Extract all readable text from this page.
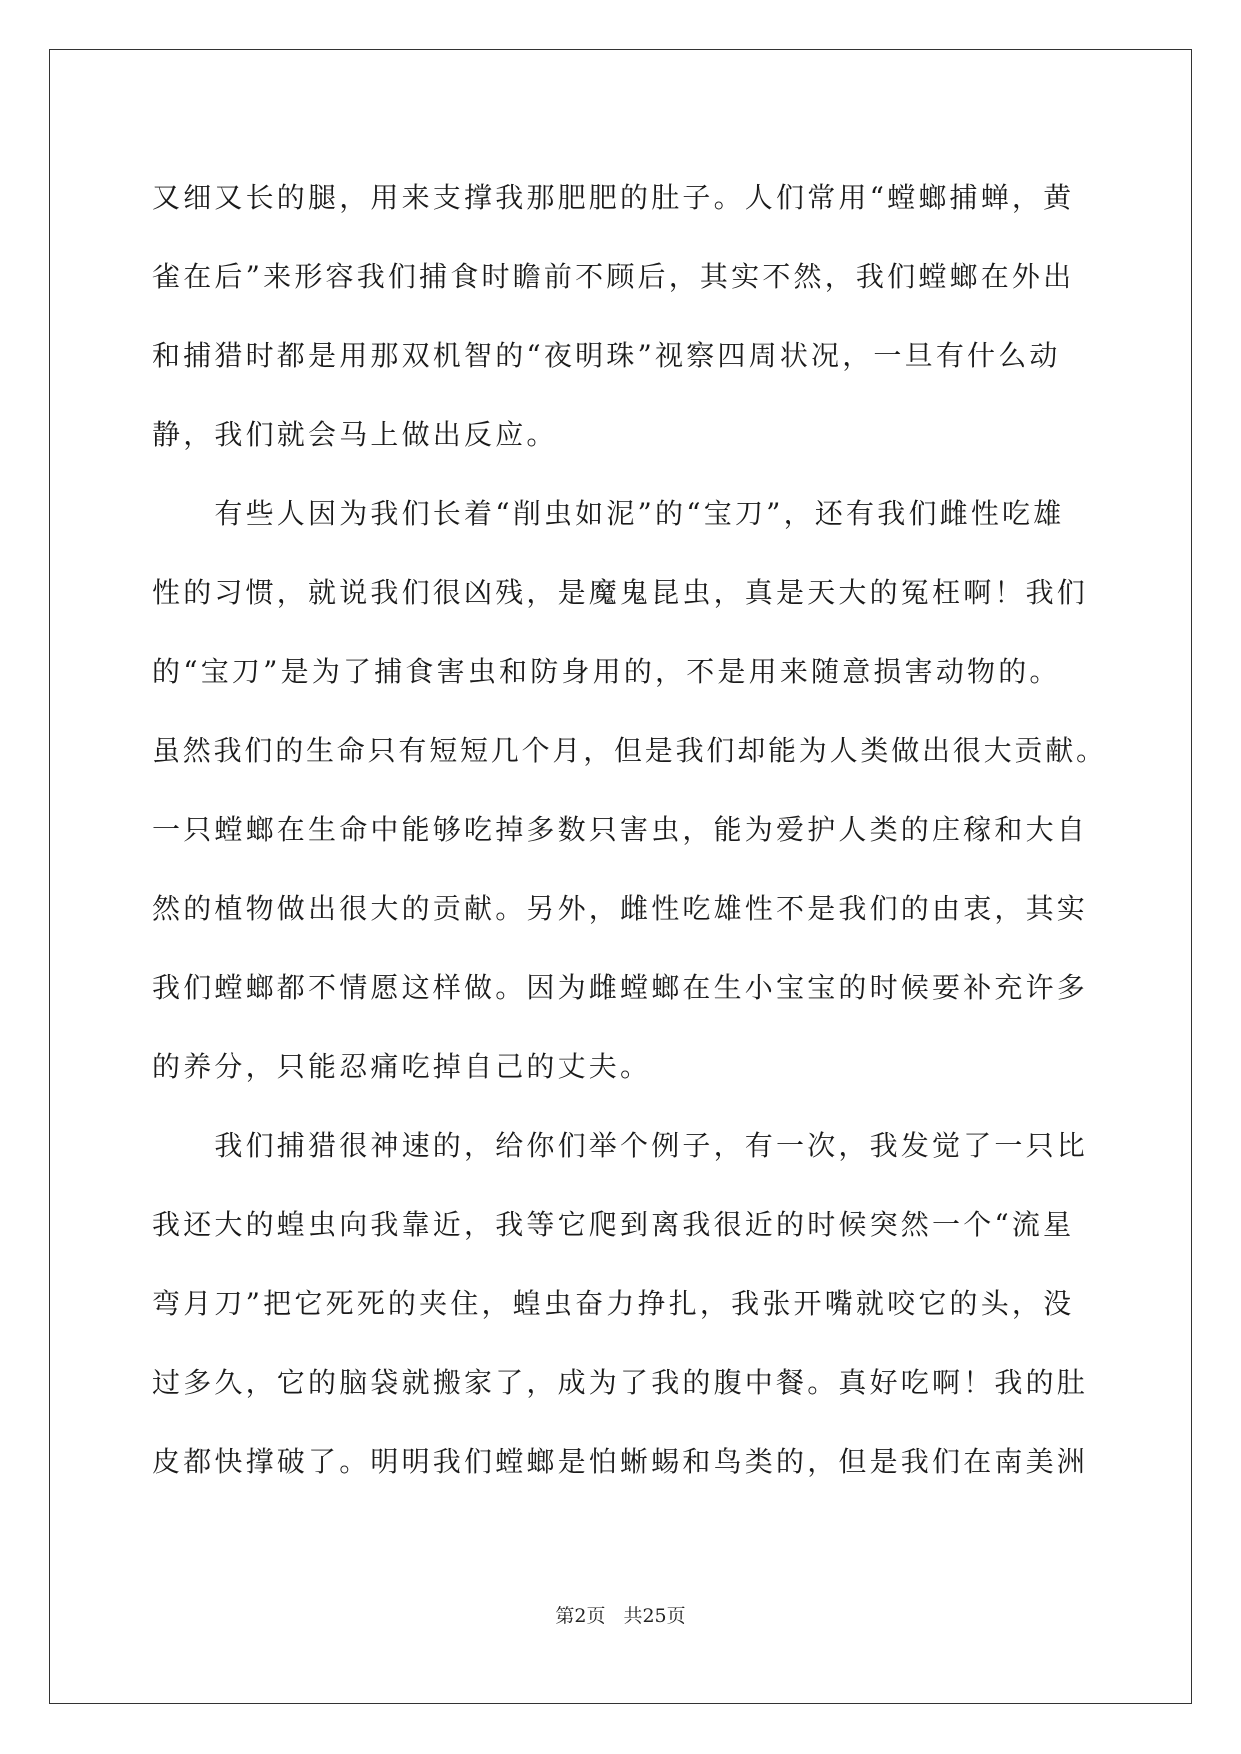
又细又长的腿，用来支撑我那肥肥的肚子。人们常用“螳螂捕蝉，黄
雀在后”来形容我们捕食时瞻前不顾后，其实不然，我们螳螂在外出
和捕猎时都是用那双机智的“夜明珠”视察四周状况，一旦有什么动
静，我们就会马上做出反应。
　　有些人因为我们长着“削虫如泥”的“宝刀”，还有我们雌性吃雄
性的习惯，就说我们很凶残，是魔鬼昆虫，真是天大的冤枉啊！我们
的“宝刀”是为了捕食害虫和防身用的，不是用来随意损害动物的。
虽然我们的生命只有短短几个月，但是我们却能为人类做出很大贡献。
一只螳螂在生命中能够吃掉多数只害虫，能为爱护人类的庄稼和大自
然的植物做出很大的贡献。另外，雌性吃雄性不是我们的由衷，其实
我们螳螂都不情愿这样做。因为雌螳螂在生小宝宝的时候要补充许多
的养分，只能忍痛吃掉自己的丈夫。
　　我们捕猎很神速的，给你们举个例子，有一次，我发觉了一只比
我还大的蝗虫向我靠近，我等它爬到离我很近的时候突然一个“流星
弯月刀”把它死死的夹住，蝗虫奋力挣扎，我张开嘴就咬它的头，没
过多久，它的脑袋就搬家了，成为了我的腹中餐。真好吃啊！我的肚
皮都快撑破了。明明我们螳螂是怕蜥蜴和鸟类的，但是我们在南美洲
第2页 共25页
